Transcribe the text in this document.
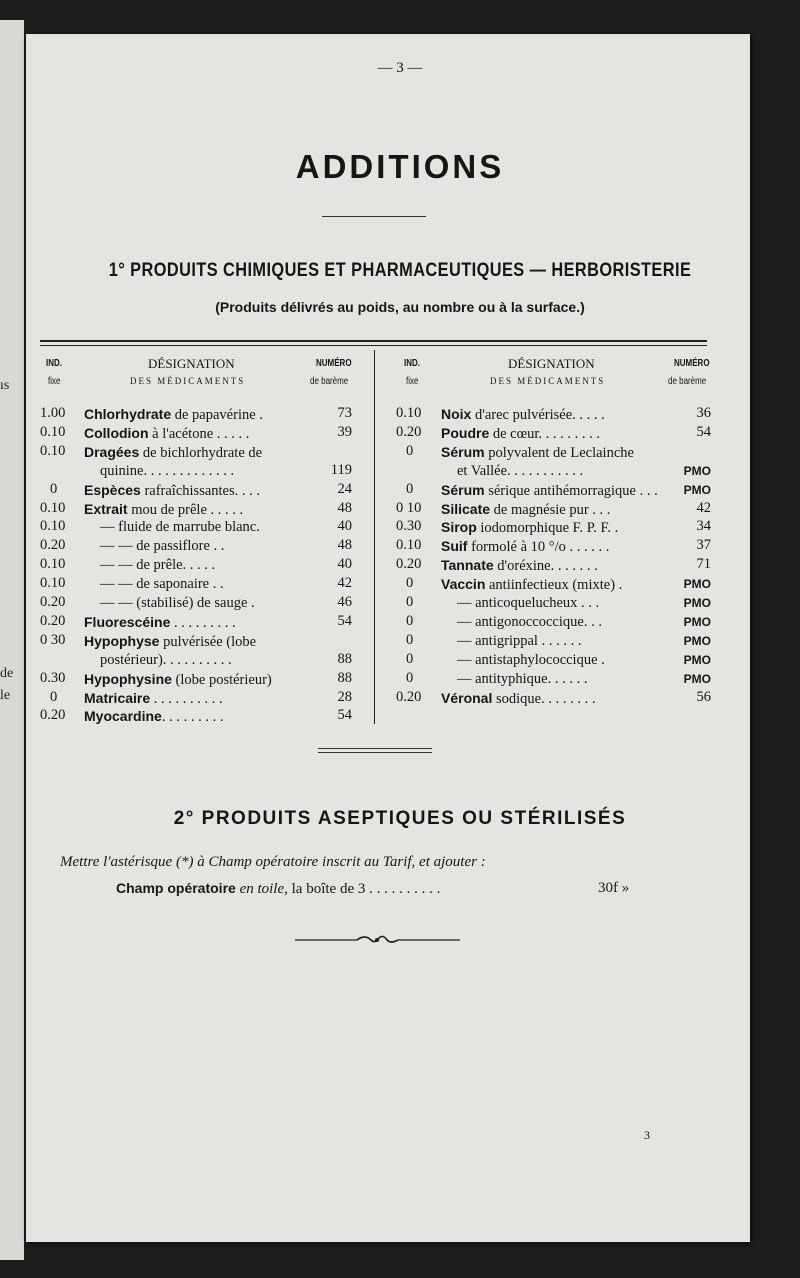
ıs
de
le
— 3 —
ADDITIONS
1° PRODUITS CHIMIQUES ET PHARMACEUTIQUES — HERBORISTERIE
(Produits délivrés au poids, au nombre ou à la surface.)
IND.
fixe
DÉSIGNATION
DES MÉDICAMENTS
NUMÉRO
de barème
IND.
fixe
DÉSIGNATION
DES MÉDICAMENTS
NUMÉRO
de barème
1.00 Chlorhydrate de papavérine .	73
0.10 Collodion à l'acétone . . . . .	39
0.10 Dragées de bichlorhydrate de
quinine. . . . . . . . . . . . .	119
0 Espèces rafraîchissantes. . . .	24
0.10 Extrait mou de prêle . . . . .	48
0.10 — fluide de marrube blanc.	40
0.20 — — de passiflore . .	48
0.10 — — de prêle. . . . .	40
0.10 — — de saponaire . .	42
0.20 — — (stabilisé) de sauge .	46
0.20 Fluorescéine . . . . . . . . .	54
0 30 Hypophyse pulvérisée (lobe
postérieur). . . . . . . . . .	88
0.30 Hypophysine (lobe postérieur)	88
0 Matricaire . . . . . . . . . .	28
0.20 Myocardine. . . . . . . . .	54
0.10 Noix d'arec pulvérisée. . . . .	36
0.20 Poudre de cœur. . . . . . . . .	54
0 Sérum polyvalent de Leclainche
et Vallée. . . . . . . . . . .	PMO
0 Sérum sérique antihémorragique . . . PMO
0 10 Silicate de magnésie pur . . .	42
0.30 Sirop iodomorphique F. P. F. .	34
0.10 Suif formolé à 10 °/o . . . . . .	37
0.20 Tannate d'oréxine. . . . . . .	71
0 Vaccin antiinfectieux (mixte) .	PMO
0	— anticoquelucheux . . .	PMO
0	— antigonoccoccique. . .	PMO
0	— antigrippal . . . . . .	PMO
0	— antistaphylococcique .	PMO
0	— antityphique. . . . . .	PMO
0.20 Véronal sodique. . . . . . . .	56
2° PRODUITS ASEPTIQUES OU STÉRILISÉS
Mettre l'astérisque (*) à Champ opératoire inscrit au Tarif, et ajouter :
Champ opératoire en toile, la boîte de 3 . . . . . . . . . .	30f »
3
